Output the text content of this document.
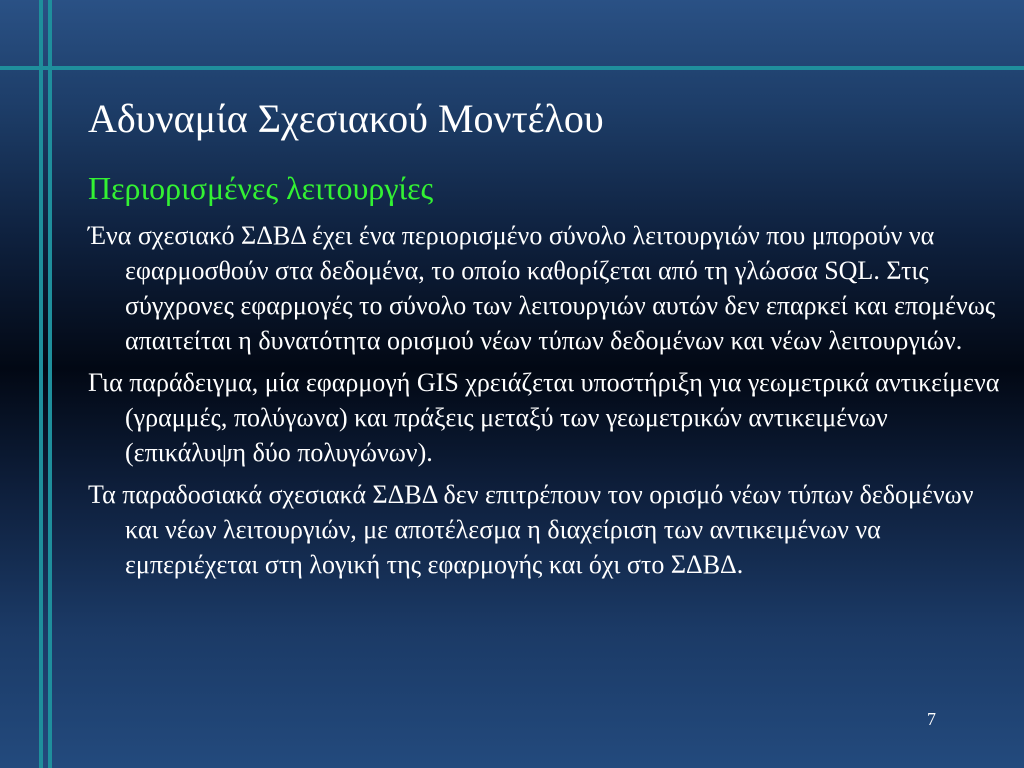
Αδυναμία Σχεσιακού Μοντέλου
Περιορισμένες λειτουργίες

Ένα σχεσιακό ΣΔΒΔ έχει ένα περιορισμένο σύνολο λειτουργιών που μπορούν να εφαρμοσθούν στα δεδομένα, το οποίο καθορίζεται από τη γλώσσα SQL. Στις σύγχρονες εφαρμογές το σύνολο των λειτουργιών αυτών δεν επαρκεί και επομένως απαιτείται η δυνατότητα ορισμού νέων τύπων δεδομένων και νέων λειτουργιών.

Για παράδειγμα, μία εφαρμογή GIS χρειάζεται υποστήριξη για γεωμετρικά αντικείμενα (γραμμές, πολύγωνα) και πράξεις μεταξύ των γεωμετρικών αντικειμένων (επικάλυψη δύο πολυγώνων).

Τα παραδοσιακά σχεσιακά ΣΔΒΔ δεν επιτρέπουν τον ορισμό νέων τύπων δεδομένων και νέων λειτουργιών, με αποτέλεσμα η διαχείριση των αντικειμένων να εμπεριέχεται στη λογική της εφαρμογής και όχι στο ΣΔΒΔ.

7
